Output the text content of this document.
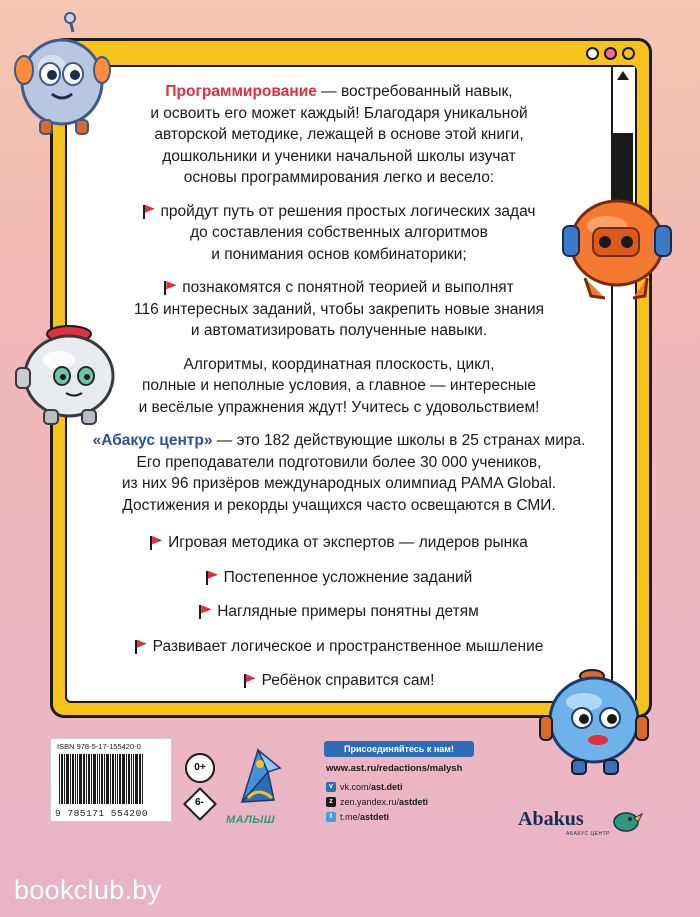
Программирование — востребованный навык,

и освоить его может каждый! Благодаря уникальной

авторской методике, лежащей в основе этой книги,

дошкольники и ученики начальной школы изучат

основы программирования легко и весело:

пройдут путь от решения простых логических задач

до составления собственных алгоритмов

и понимания основ комбинаторики;

познакомятся с понятной теорией и выполнят

116 интересных заданий, чтобы закрепить новые знания

и автоматизировать полученные навыки.

Алгоритмы, координатная плоскость, цикл,

полные и неполные условия, а главное — интересные

и весёлые упражнения ждут! Учитесь с удовольствием!

«Абакус центр» — это 182 действующие школы в 25 странах мира.

Его преподаватели подготовили более 30 000 учеников,

из них 96 призёров международных олимпиад PAMA Global.

Достижения и рекорды учащихся часто освещаются в СМИ.

Игровая методика от экспертов — лидеров рынка

Постепенное усложнение заданий

Наглядные примеры понятны детям

Развивает логическое и пространственное мышление

Ребёнок справится сам!

ISBN 978-5-17-155420-0
9 785171 554200
0+
6-
МАЛЫШ
Присоединяйтесь к нам!
www.ast.ru/redactions/malysh
v vk.com/ast.deti
z zen.yandex.ru/astdeti
t t.me/astdeti	Abakus
АБАКУС ЦЕНТР
bookclub.by
